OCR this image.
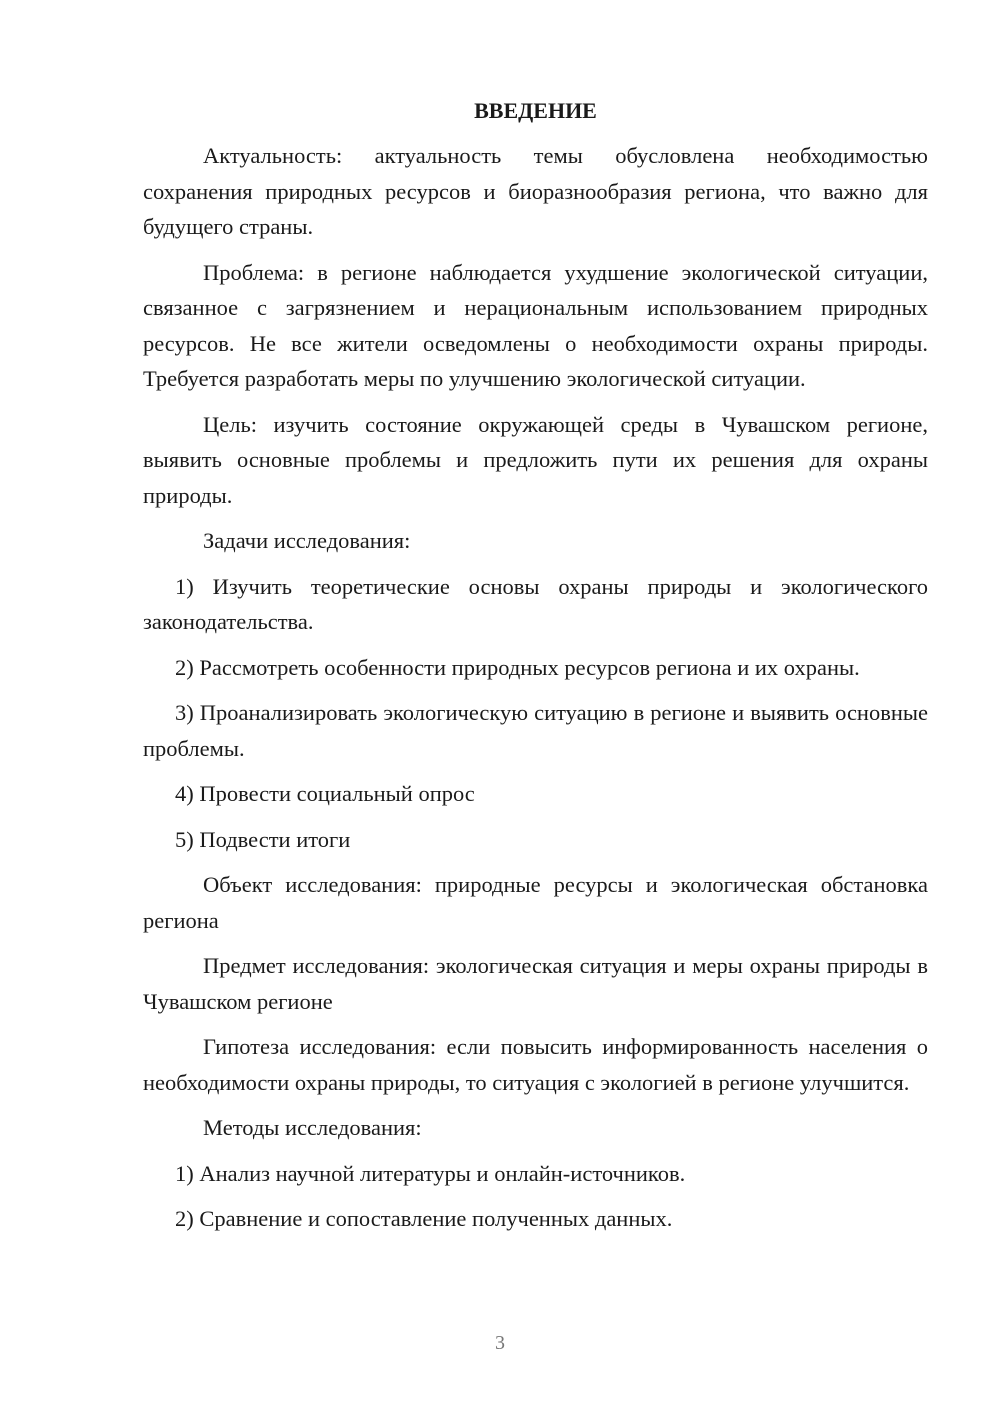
ВВЕДЕНИЕ

Актуальность: актуальность темы обусловлена необходимостью сохранения природных ресурсов и биоразнообразия региона, что важно для будущего страны.

Проблема: в регионе наблюдается ухудшение экологической ситуации, связанное с загрязнением и нерациональным использованием природных ресурсов. Не все жители осведомлены о необходимости охраны природы. Требуется разработать меры по улучшению экологической ситуации.

Цель: изучить состояние окружающей среды в Чувашском регионе, выявить основные проблемы и предложить пути их решения для охраны природы.

Задачи исследования:

1) Изучить теоретические основы охраны природы и экологического законодательства.

2) Рассмотреть особенности природных ресурсов региона и их охраны.

3) Проанализировать экологическую ситуацию в регионе и выявить основные проблемы.

4) Провести социальный опрос

5) Подвести итоги

Объект исследования: природные ресурсы и экологическая обстановка региона

Предмет исследования: экологическая ситуация и меры охраны природы в Чувашском регионе

Гипотеза исследования: если повысить информированность населения о необходимости охраны природы, то ситуация с экологией в регионе улучшится.

Методы исследования:

1) Анализ научной литературы и онлайн-источников.

2) Сравнение и сопоставление полученных данных.

3
